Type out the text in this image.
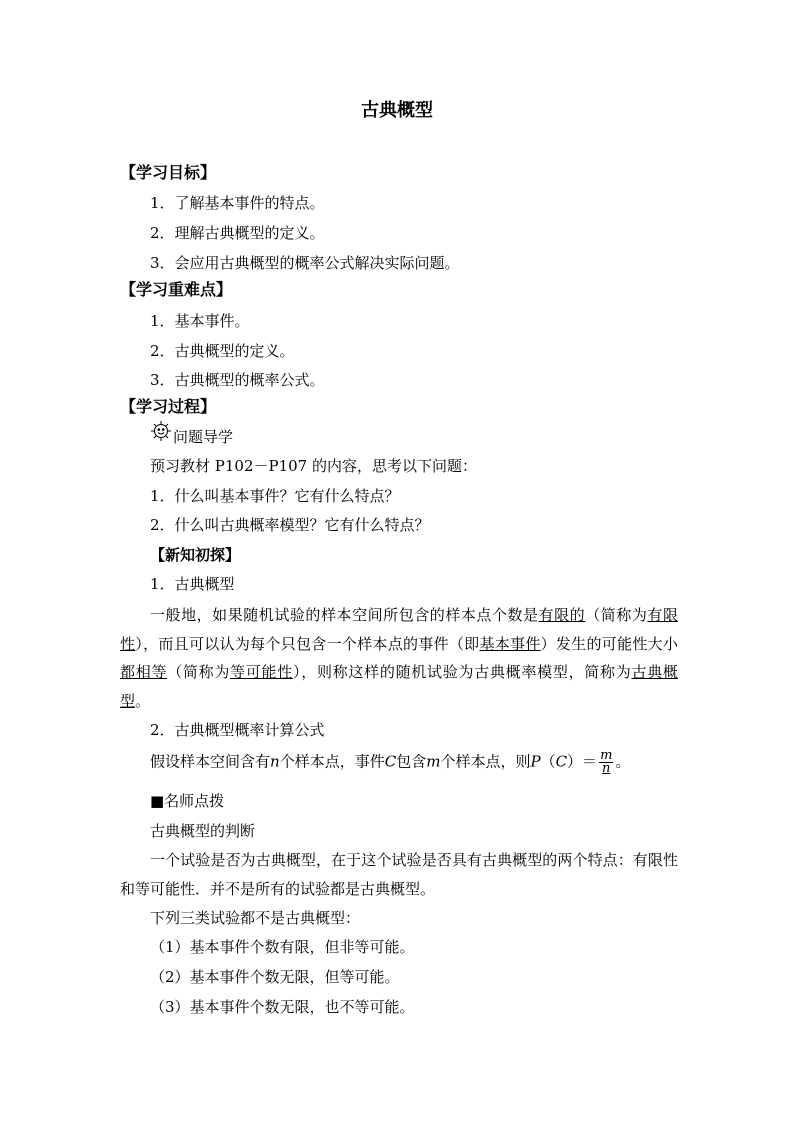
古典概型
【学习目标】
1．了解基本事件的特点。
2．理解古典概型的定义。
3．会应用古典概型的概率公式解决实际问题。
【学习重难点】
1．基本事件。
2．古典概型的定义。
3．古典概型的概率公式。
【学习过程】
问题导学
预习教材 P102－P107 的内容，思考以下问题：
1．什么叫基本事件？它有什么特点？
2．什么叫古典概率模型？它有什么特点？
【新知初探】
1．古典概型
一般地，如果随机试验的样本空间所包含的样本点个数是有限的（简称为有限性），而且可以认为每个只包含一个样本点的事件（即基本事件）发生的可能性大小都相等（简称为等可能性），则称这样的随机试验为古典概率模型，简称为古典概型。
2．古典概型概率计算公式
假设样本空间含有n个样本点，事件C包含m个样本点，则$P(C)= \frac{m}{n}$ 。
■名师点拨
古典概型的判断
一个试验是否为古典概型，在于这个试验是否具有古典概型的两个特点：有限性和等可能性．并不是所有的试验都是古典概型。
下列三类试验都不是古典概型：
（1）基本事件个数有限，但非等可能。
（2）基本事件个数无限，但等可能。
（3）基本事件个数无限，也不等可能。
